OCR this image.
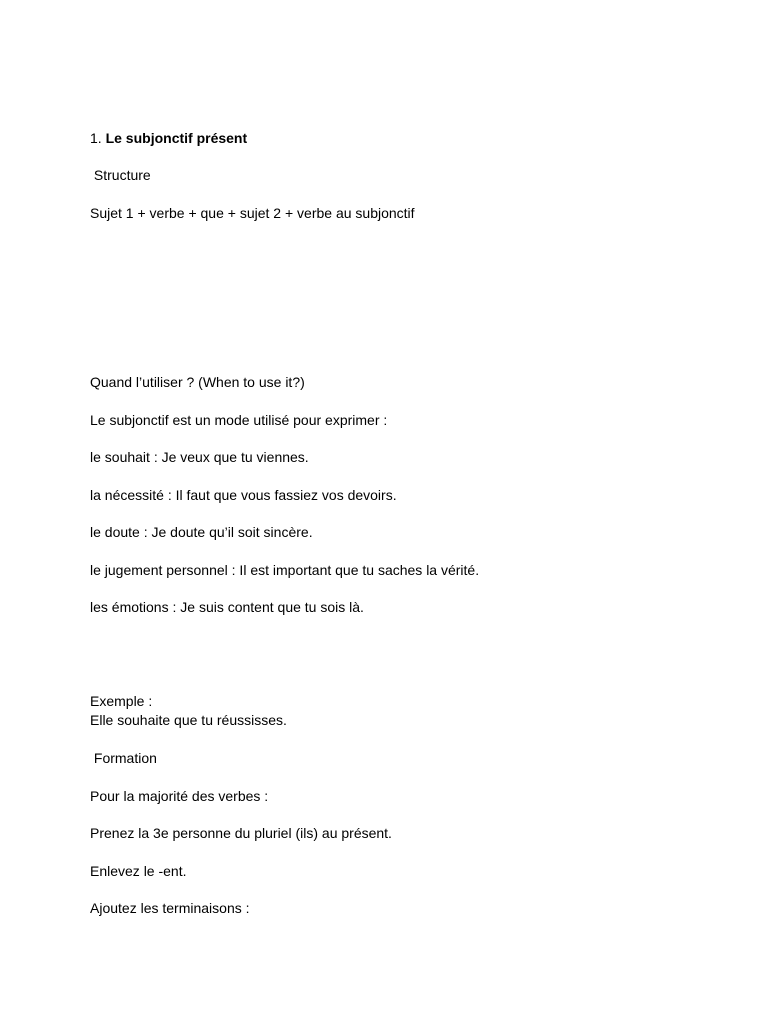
1. Le subjonctif présent

Structure

Sujet 1 + verbe + que + sujet 2 + verbe au subjonctif

Quand l’utiliser ? (When to use it?)

Le subjonctif est un mode utilisé pour exprimer :

le souhait : Je veux que tu viennes.

la nécessité : Il faut que vous fassiez vos devoirs.

le doute : Je doute qu’il soit sincère.

le jugement personnel : Il est important que tu saches la vérité.

les émotions : Je suis content que tu sois là.

Exemple :

Elle souhaite que tu réussisses.

Formation

Pour la majorité des verbes :

Prenez la 3e personne du pluriel (ils) au présent.

Enlevez le -ent.

Ajoutez les terminaisons :
